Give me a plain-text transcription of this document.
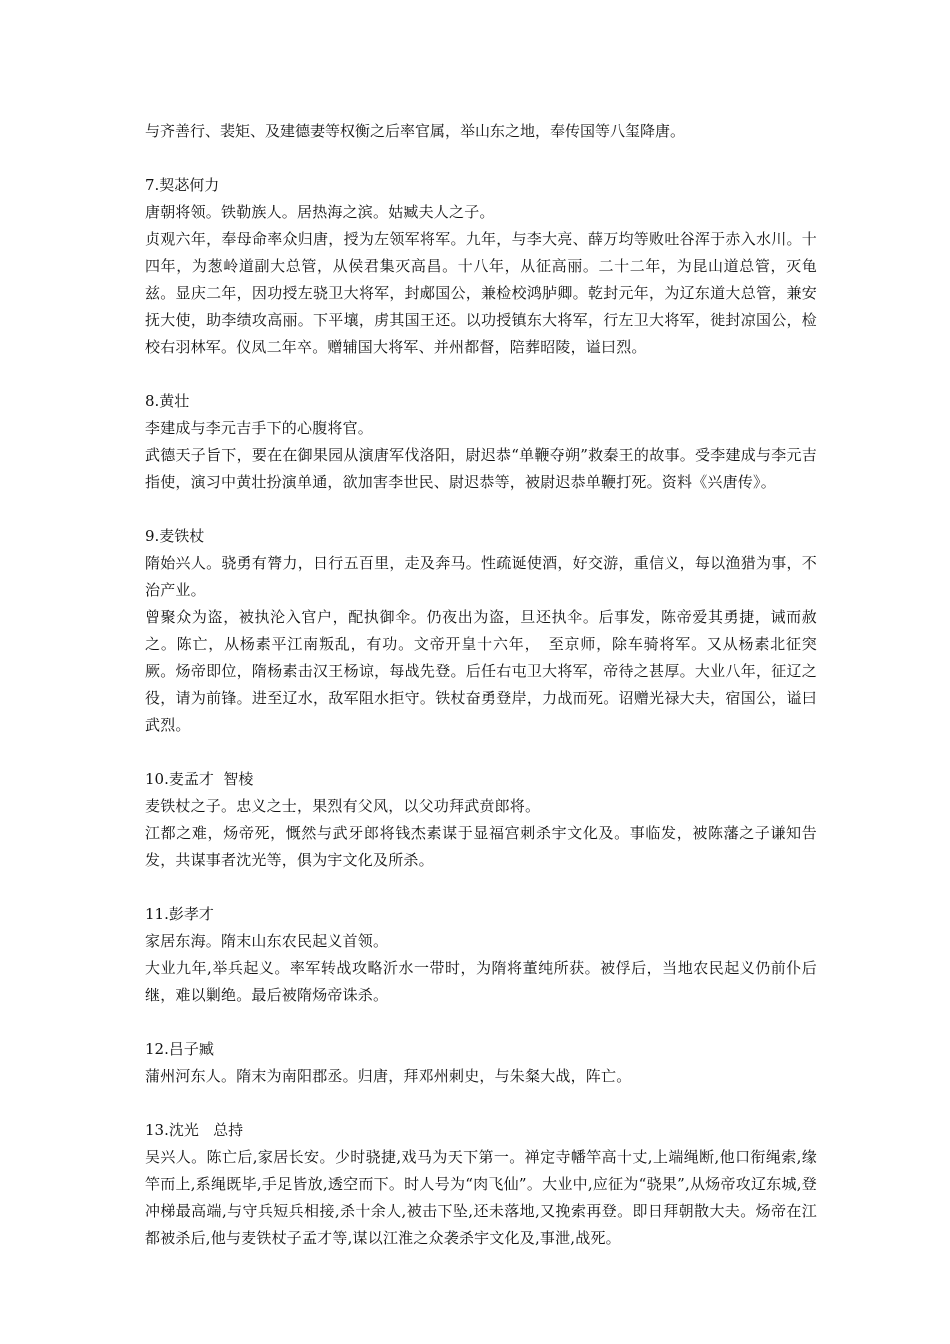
与齐善行、裴矩、及建德妻等权衡之后率官属，举山东之地，奉传国等八玺降唐。

7.契苾何力

唐朝将领。铁勒族人。居热海之滨。姑臧夫人之子。

贞观六年，奉母命率众归唐，授为左领军将军。九年，与李大亮、薛万均等败吐谷浑于赤入水川。十四年，为葱岭道副大总管，从侯君集灭高昌。十八年，从征高丽。二十二年，为昆山道总管，灭龟兹。显庆二年，因功授左骁卫大将军，封郕国公，兼检校鸿胪卿。乾封元年，为辽东道大总管，兼安抚大使，助李绩攻高丽。下平壤，虏其国王还。以功授镇东大将军，行左卫大将军，徙封凉国公，检校右羽林军。仪凤二年卒。赠辅国大将军、并州都督，陪葬昭陵，谥曰烈。

8.黄壮

李建成与李元吉手下的心腹将官。

武德天子旨下，要在在御果园从演唐军伐洛阳，尉迟恭“单鞭夺朔”救秦王的故事。受李建成与李元吉指使，演习中黄壮扮演单通，欲加害李世民、尉迟恭等，被尉迟恭单鞭打死。资料《兴唐传》。

9.麦铁杖

隋始兴人。骁勇有膂力，日行五百里，走及奔马。性疏诞使酒，好交游，重信义，每以渔猎为事，不治产业。

曾聚众为盗，被执沦入官户，配执御伞。仍夜出为盗，旦还执伞。后事发，陈帝爱其勇捷，诫而赦之。陈亡，从杨素平江南叛乱，有功。文帝开皇十六年，　至京师，除车骑将军。又从杨素北征突厥。炀帝即位，隋杨素击汉王杨谅，每战先登。后任右屯卫大将军，帝待之甚厚。大业八年，征辽之役，请为前锋。进至辽水，敌军阻水拒守。铁杖奋勇登岸，力战而死。诏赠光禄大夫，宿国公，谥曰武烈。

10.麦孟才  智棱

麦铁杖之子。忠义之士，果烈有父风，以父功拜武贲郎将。

江都之难，炀帝死，慨然与武牙郎将钱杰素谋于显福宫刺杀宇文化及。事临发，被陈藩之子谦知告发，共谋事者沈光等，俱为宇文化及所杀。

11.彭孝才

家居东海。隋末山东农民起义首领。

大业九年,举兵起义。率军转战攻略沂水一带时，为隋将董纯所获。被俘后，当地农民起义仍前仆后继，难以剿绝。最后被隋炀帝诛杀。

12.吕子臧

蒲州河东人。隋末为南阳郡丞。归唐，拜邓州刺史，与朱粲大战，阵亡。

13.沈光   总持

吴兴人。陈亡后,家居长安。少时骁捷,戏马为天下第一。禅定寺幡竿高十丈,上端绳断,他口衔绳索,缘竿而上,系绳既毕,手足皆放,透空而下。时人号为“肉飞仙”。大业中,应征为“骁果”,从炀帝攻辽东城,登冲梯最高端,与守兵短兵相接,杀十余人,被击下坠,还未落地,又挽索再登。即日拜朝散大夫。炀帝在江都被杀后,他与麦铁杖子孟才等,谋以江淮之众袭杀宇文化及,事泄,战死。
